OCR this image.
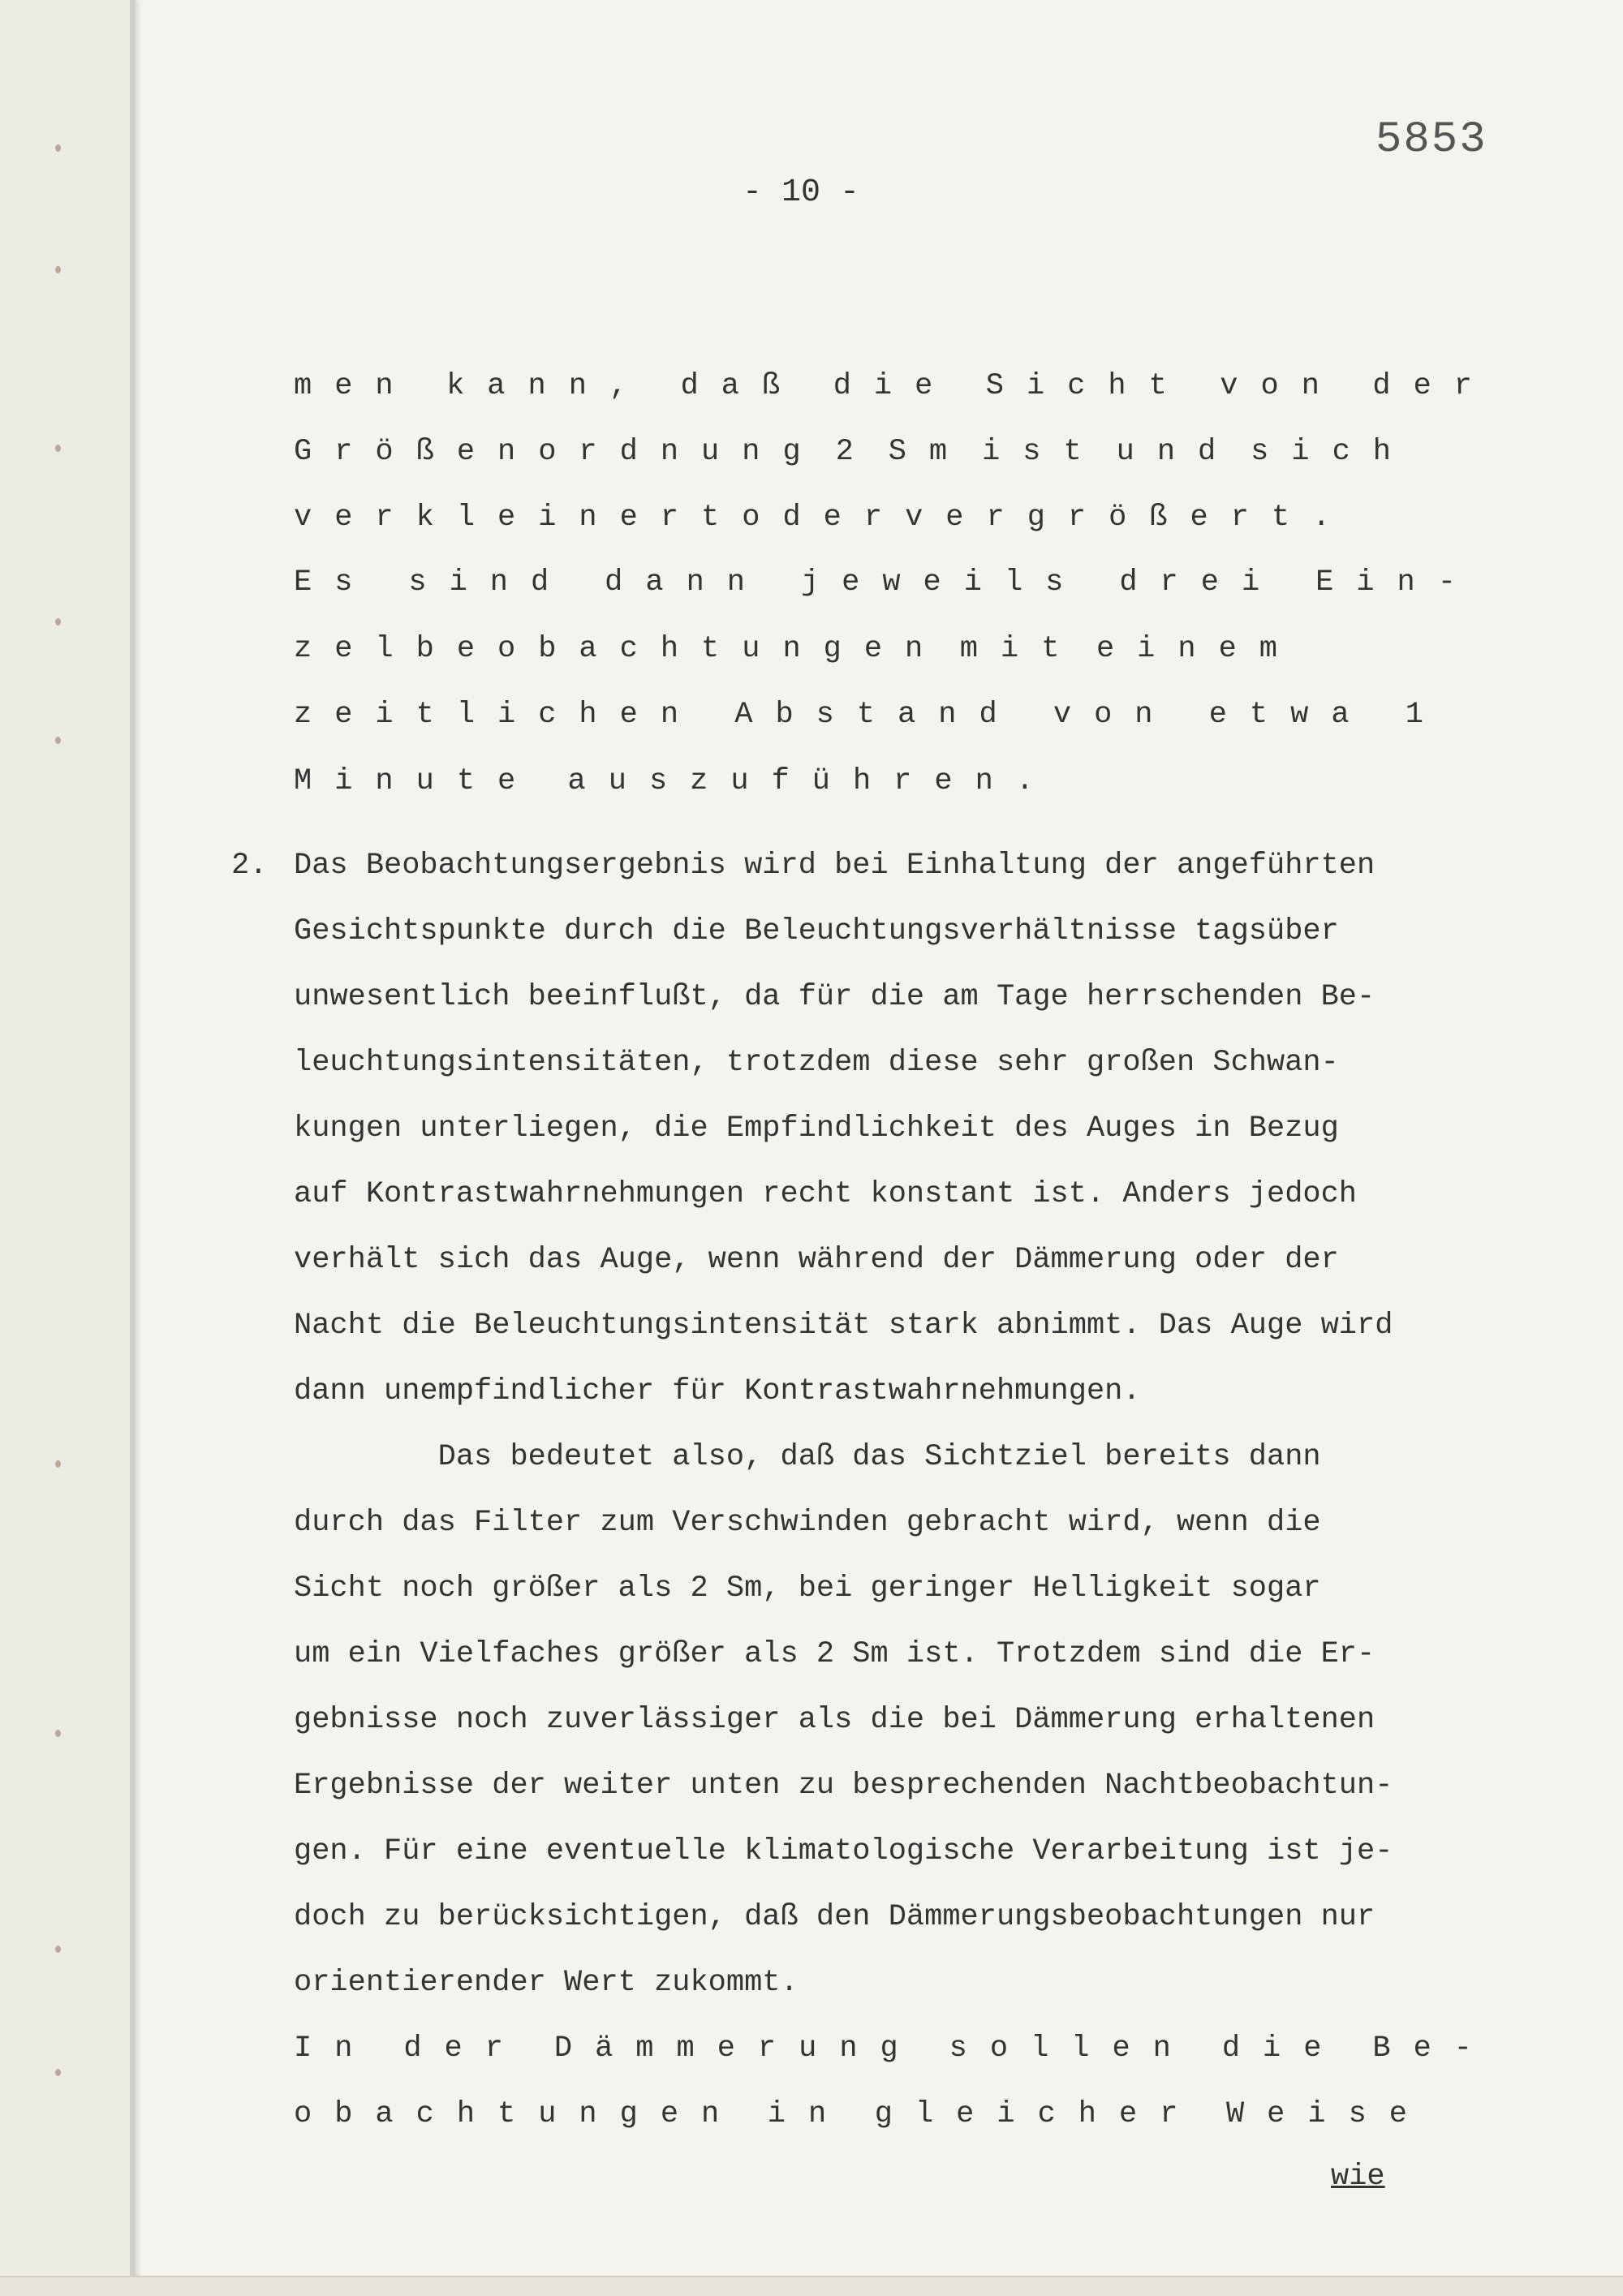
5853
- 10 -
men kann, daß die Sicht von der
Größenordnung 2 Sm ist und sich
verkleinert oder vergrößert.
Es sind dann jeweils drei Ein-
zelbeobachtungen mit einem
zeitlichen Abstand von etwa 1
Minute auszuführen.
2. Das Beobachtungsergebnis wird bei Einhaltung der angeführten
Gesichtspunkte durch die Beleuchtungsverhältnisse tagsüber
unwesentlich beeinflußt, da für die am Tage herrschenden Be-
leuchtungsintensitäten, trotzdem diese sehr großen Schwan-
kungen unterliegen, die Empfindlichkeit des Auges in Bezug
auf Kontrastwahrnehmungen recht konstant ist. Anders jedoch
verhält sich das Auge, wenn während der Dämmerung oder der
Nacht die Beleuchtungsintensität stark abnimmt. Das Auge wird
dann unempfindlicher für Kontrastwahrnehmungen.
Das bedeutet also, daß das Sichtziel bereits dann
durch das Filter zum Verschwinden gebracht wird, wenn die
Sicht noch größer als 2 Sm, bei geringer Helligkeit sogar
um ein Vielfaches größer als 2 Sm ist. Trotzdem sind die Er-
gebnisse noch zuverlässiger als die bei Dämmerung erhaltenen
Ergebnisse der weiter unten zu besprechenden Nachtbeobachtun-
gen. Für eine eventuelle klimatologische Verarbeitung ist je-
doch zu berücksichtigen, daß den Dämmerungsbeobachtungen nur
orientierender Wert zukommt.
In der Dämmerung sollen die Be-
obachtungen in gleicher Weise
wie
